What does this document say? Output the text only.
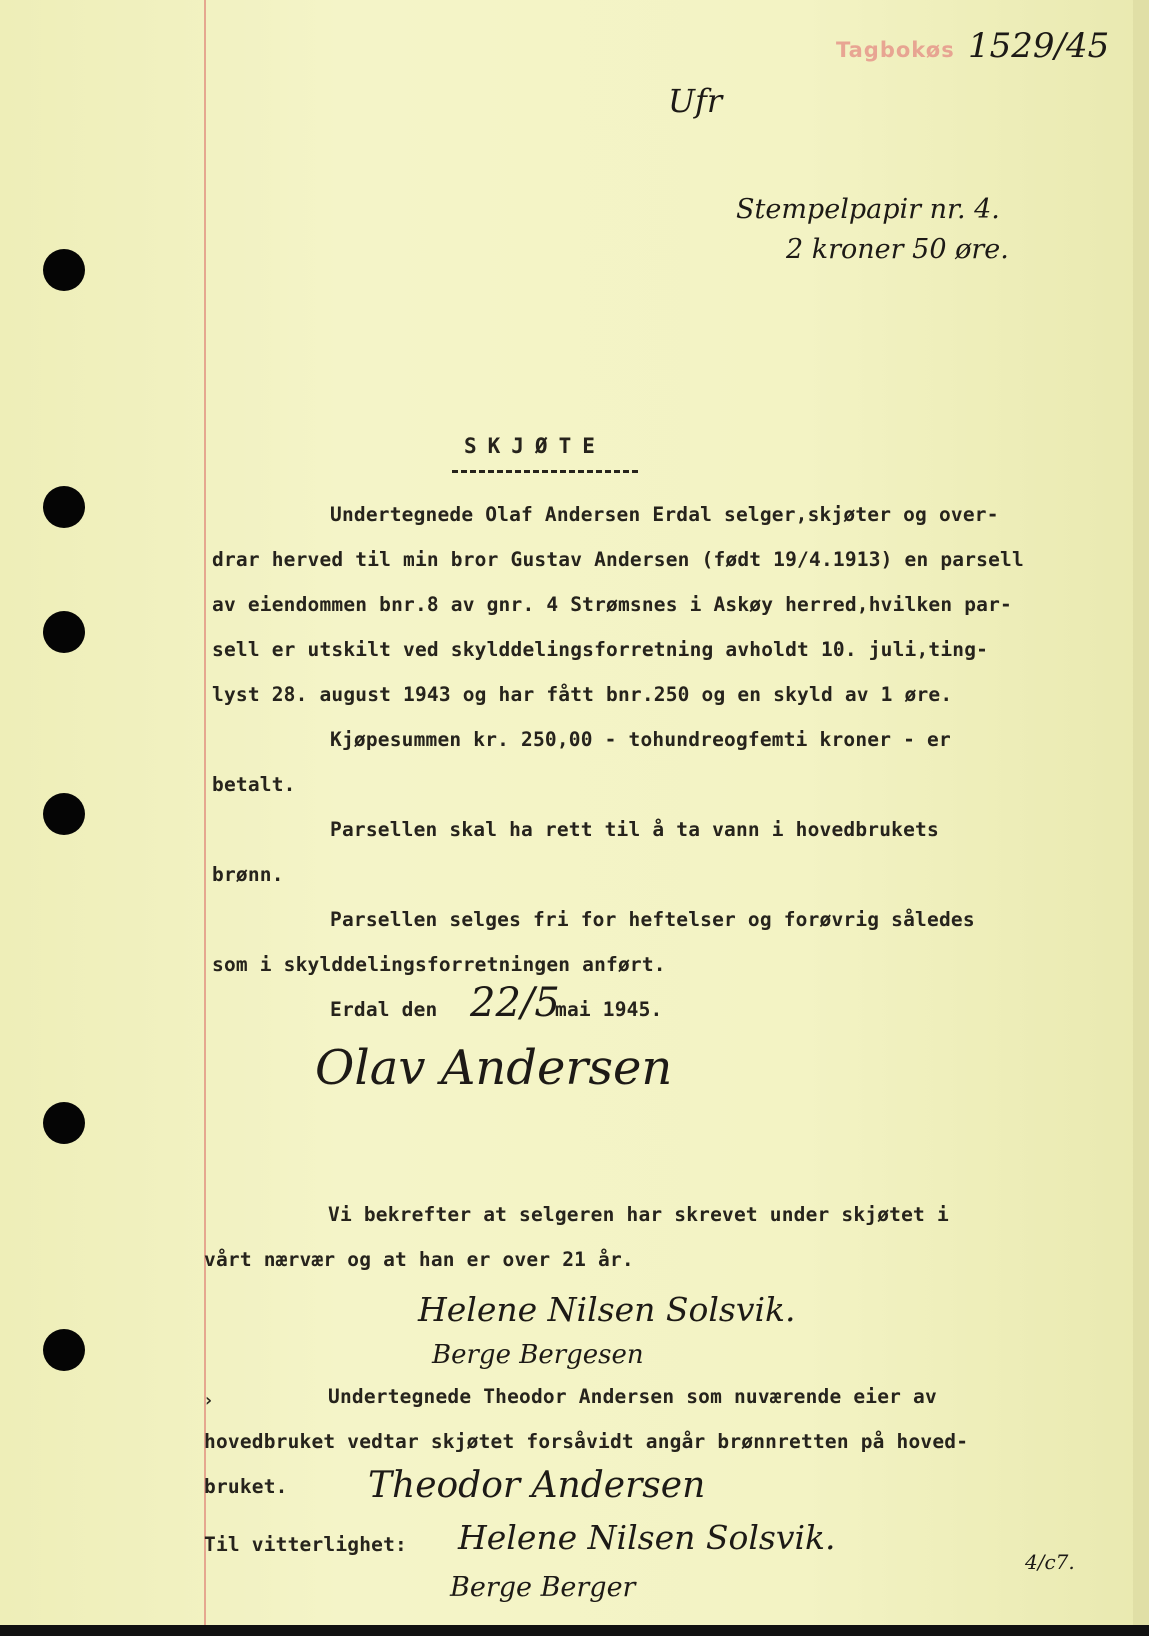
Tagbokøs 1529/45
Ufr
Stempelpapir nr. 4.
2 kroner 50 øre.
SKJØTE
Undertegnede Olaf Andersen Erdal selger,skjøter og over-
drar herved til min bror Gustav Andersen (født 19/4.1913) en parsell
av eiendommen bnr.8 av gnr. 4 Strømsnes i Askøy herred,hvilken par-
sell er utskilt ved skylddelingsforretning avholdt 10. juli,ting-
lyst 28. august 1943 og har fått bnr.250 og en skyld av 1 øre.
Kjøpesummen kr. 250,00 - tohundreogfemti kroner - er
betalt.
Parsellen skal ha rett til å ta vann i hovedbrukets
brønn.
Parsellen selges fri for heftelser og forøvrig således
som i skylddelingsforretningen anført.
Erdal den 22/5
mai 1945.
Olav Andersen
Vi bekrefter at selgeren har skrevet under skjøtet i
vårt nærvær og at han er over 21 år.
Helene Nilsen Solsvik.
Berge Bergesen
›	Undertegnede Theodor Andersen som nuværende eier av
hovedbruket vedtar skjøtet forsåvidt angår brønnretten på hoved-
bruket. Theodor Andersen
Til vitterlighet: Helene Nilsen Solsvik.
Berge Berger
4/c7.
